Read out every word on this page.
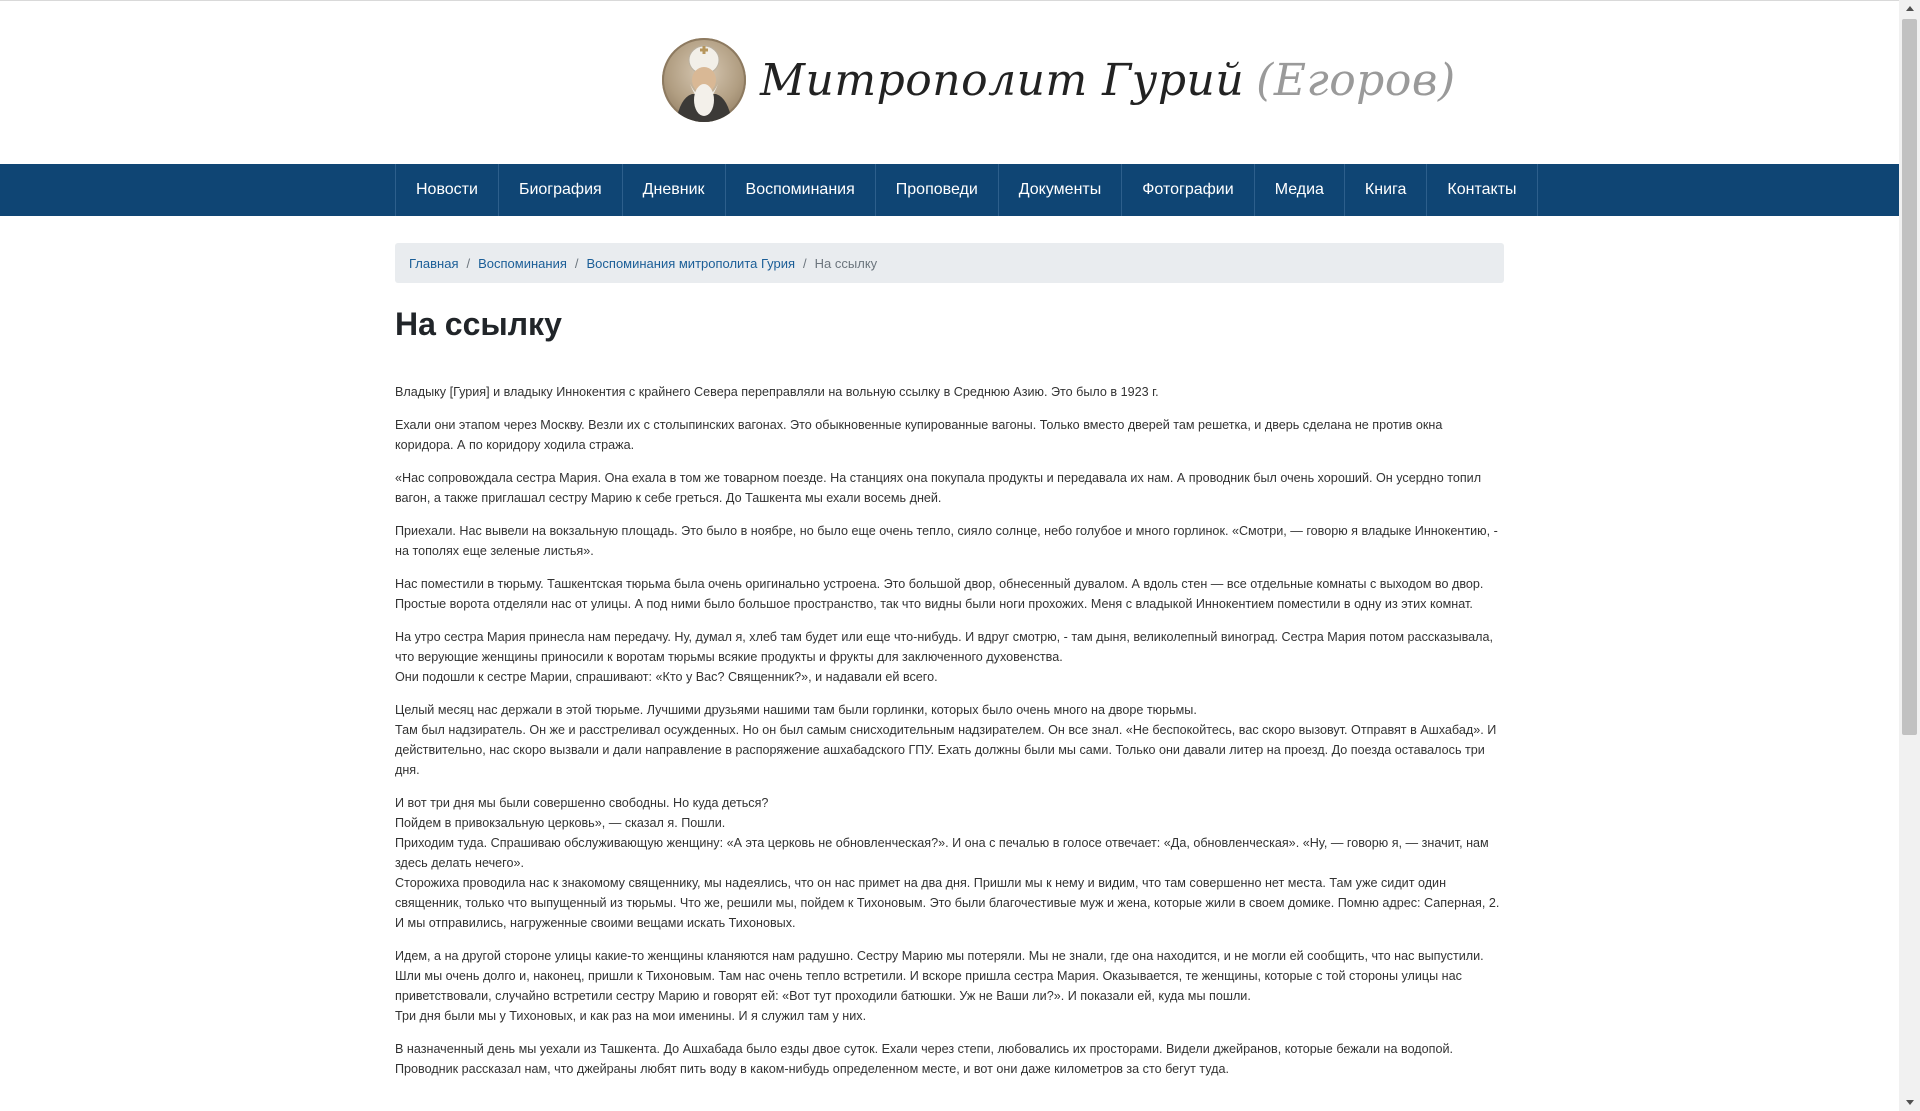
Митрополит Гурий (Егоров)
Новости	Биография	Дневник	Воспоминания	Проповеди	Документы	Фотографии	Медиа	Книга	Контакты
Главная / Воспоминания / Воспоминания митрополита Гурия / На ссылку
На ссылку

Владыку [Гурия] и владыку Иннокентия с крайнего Севера переправляли на вольную ссылку в Среднюю Азию. Это было в 1923 г.

Ехали они этапом через Москву. Везли их с столыпинских вагонах. Это обыкновенные купированные вагоны. Только вместо дверей там решетка, и дверь сделана не против окна коридора. А по коридору ходила стража.

«Нас сопровождала сестра Мария. Она ехала в том же товарном поезде. На станциях она покупала продукты и передавала их нам. А проводник был очень хороший. Он усердно топил вагон, а также приглашал сестру Марию к себе греться. До Ташкента мы ехали восемь дней.

Приехали. Нас вывели на вокзальную площадь. Это было в ноябре, но было еще очень тепло, сияло солнце, небо голубое и много горлинок. «Смотри, — говорю я владыке Иннокентию, - на тополях еще зеленые листья».

Нас поместили в тюрьму. Ташкентская тюрьма была очень оригинально устроена. Это большой двор, обнесенный дувалом. А вдоль стен — все отдельные комнаты с выходом во двор. Простые ворота отделяли нас от улицы. А под ними было большое пространство, так что видны были ноги прохожих. Меня с владыкой Иннокентием поместили в одну из этих комнат.

На утро сестра Мария принесла нам передачу. Ну, думал я, хлеб там будет или еще что-нибудь. И вдруг смотрю, - там дыня, великолепный виноград. Сестра Мария потом рассказывала, что верующие женщины приносили к воротам тюрьмы всякие продукты и фрукты для заключенного духовенства.
Они подошли к сестре Марии, спрашивают: «Кто у Вас? Священник?», и надавали ей всего.

Целый месяц нас держали в этой тюрьме. Лучшими друзьями нашими там были горлинки, которых было очень много на дворе тюрьмы.
Там был надзиратель. Он же и расстреливал осужденных. Но он был самым снисходительным надзирателем. Он все знал. «Не беспокойтесь, вас скоро вызовут. Отправят в Ашхабад». И действительно, нас скоро вызвали и дали направление в распоряжение ашхабадского ГПУ. Ехать должны были мы сами. Только они давали литер на проезд. До поезда оставалось три дня.

И вот три дня мы были совершенно свободны. Но куда деться?
Пойдем в привокзальную церковь», — сказал я. Пошли.
Приходим туда. Спрашиваю обслуживающую женщину: «А эта церковь не обновленческая?». И она с печалью в голосе отвечает: «Да, обновленческая». «Ну, — говорю я, — значит, нам здесь делать нечего».
Сторожиха проводила нас к знакомому священнику, мы надеялись, что он нас примет на два дня. Пришли мы к нему и видим, что там совершенно нет места. Там уже сидит один священник, только что выпущенный из тюрьмы. Что же, решили мы, пойдем к Тихоновым. Это были благочестивые муж и жена, которые жили в своем домике. Помню адрес: Саперная, 2. И мы отправились, нагруженные своими вещами искать Тихоновых.

Идем, а на другой стороне улицы какие-то женщины кланяются нам радушно. Сестру Марию мы потеряли. Мы не знали, где она находится, и не могли ей сообщить, что нас выпустили. Шли мы очень долго и, наконец, пришли к Тихоновым. Там нас очень тепло встретили. И вскоре пришла сестра Мария. Оказывается, те женщины, которые с той стороны улицы нас приветствовали, случайно встретили сестру Марию и говорят ей: «Вот тут проходили батюшки. Уж не Ваши ли?». И показали ей, куда мы пошли.
Три дня были мы у Тихоновых, и как раз на мои именины. И я служил там у них.

В назначенный день мы уехали из Ташкента. До Ашхабада было езды двое суток. Ехали через степи, любовались их просторами. Видели джейранов, которые бежали на водопой. Проводник рассказал нам, что джейраны любят пить воду в каком-нибудь определенном месте, и вот они даже километров за сто бегут туда.
